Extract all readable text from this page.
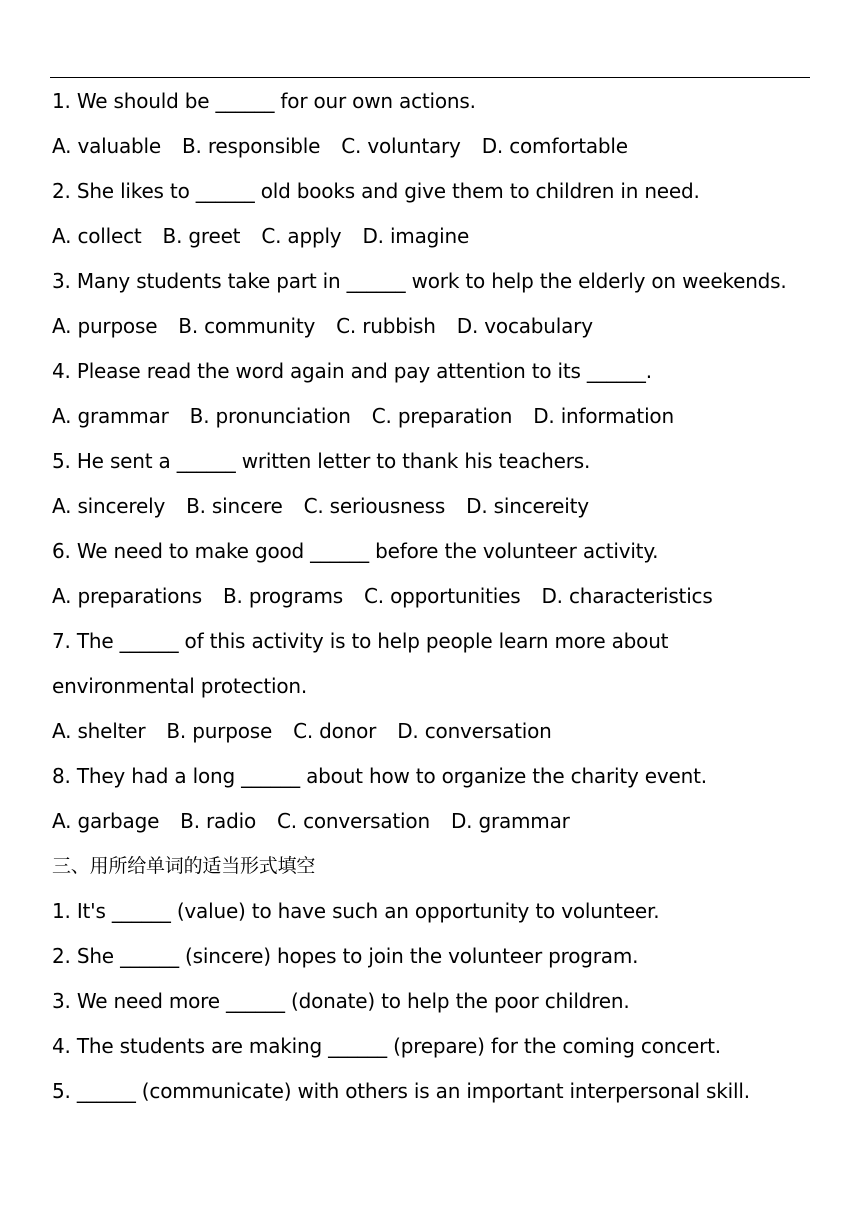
1. We should be ______ for our own actions.
A. valuable B. responsible C. voluntary D. comfortable
2. She likes to ______ old books and give them to children in need.
A. collect B. greet C. apply D. imagine
3. Many students take part in ______ work to help the elderly on weekends.
A. purpose B. community C. rubbish D. vocabulary
4. Please read the word again and pay attention to its ______.
A. grammar B. pronunciation C. preparation D. information
5. He sent a ______ written letter to thank his teachers.
A. sincerely B. sincere C. seriousness D. sincereity
6. We need to make good ______ before the volunteer activity.
A. preparations B. programs C. opportunities D. characteristics
7. The ______ of this activity is to help people learn more about environmental protection.
A. shelter B. purpose C. donor D. conversation
8. They had a long ______ about how to organize the charity event.
A. garbage B. radio C. conversation D. grammar
三、用所给单词的适当形式填空
1. It's ______ (value) to have such an opportunity to volunteer.
2. She ______ (sincere) hopes to join the volunteer program.
3. We need more ______ (donate) to help the poor children.
4. The students are making ______ (prepare) for the coming concert.
5. ______ (communicate) with others is an important interpersonal skill.
